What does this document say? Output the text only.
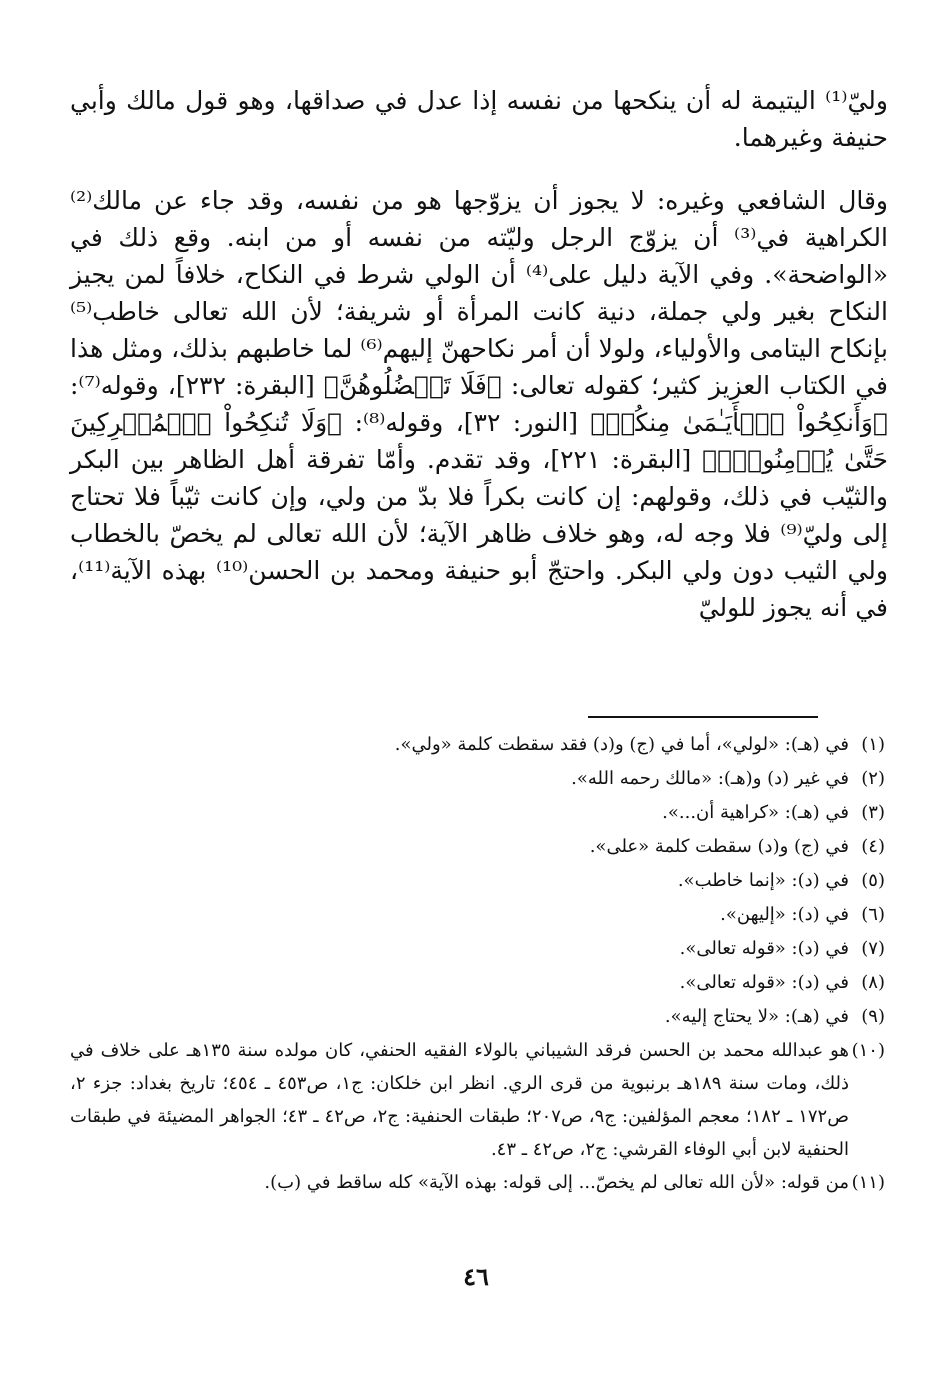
وليّ⁽¹⁾ اليتيمة له أن ينكحها من نفسه إذا عدل في صداقها، وهو قول مالك وأبي حنيفة وغيرهما.

وقال الشافعي وغيره: لا يجوز أن يزوّجها هو من نفسه، وقد جاء عن مالك⁽²⁾ الكراهية في⁽³⁾ أن يزوّج الرجل وليّته من نفسه أو من ابنه. وقع ذلك في «الواضحة». وفي الآية دليل على⁽⁴⁾ أن الولي شرط في النكاح، خلافاً لمن يجيز النكاح بغير ولي جملة، دنية كانت المرأة أو شريفة؛ لأن الله تعالى خاطب⁽⁵⁾ بإنكاح اليتامى والأولياء، ولولا أن أمر نكاحهنّ إليهم⁽⁶⁾ لما خاطبهم بذلك، ومثل هذا في الكتاب العزيز كثير؛ كقوله تعالى: ﴿فَلَا تَعۡضُلُوهُنَّ﴾ [البقرة: ٢٣٢]، وقوله⁽⁷⁾: ﴿وَأَنكِحُواْ ٱلۡأَيَـٰمَىٰ مِنكُمۡ﴾ [النور: ٣٢]، وقوله⁽⁸⁾: ﴿وَلَا تُنكِحُواْ ٱلۡمُشۡرِكِينَ حَتَّىٰ يُؤۡمِنُواْۚ﴾ [البقرة: ٢٢١]، وقد تقدم. وأمّا تفرقة أهل الظاهر بين البكر والثيّب في ذلك، وقولهم: إن كانت بكراً فلا بدّ من ولي، وإن كانت ثيّباً فلا تحتاج إلى وليّ⁽⁹⁾ فلا وجه له، وهو خلاف ظاهر الآية؛ لأن الله تعالى لم يخصّ بالخطاب ولي الثيب دون ولي البكر. واحتجّ أبو حنيفة ومحمد بن الحسن⁽¹⁰⁾ بهذه الآية⁽¹¹⁾، في أنه يجوز للوليّ

(١)
في (هـ): «لولي»، أما في (ج) و(د) فقد سقطت كلمة «ولي».
(٢)
في غير (د) و(هـ): «مالك رحمه الله».
(٣)
في (هـ): «كراهية أن...».
(٤)
في (ج) و(د) سقطت كلمة «على».
(٥)
في (د): «إنما خاطب».
(٦)
في (د): «إليهن».
(٧)
في (د): «قوله تعالى».
(٨)
في (د): «قوله تعالى».
(٩)
في (هـ): «لا يحتاج إليه».
(١٠)
هو عبدالله محمد بن الحسن فرقد الشيباني بالولاء الفقيه الحنفي، كان مولده سنة ١٣٥هـ على خلاف في ذلك، ومات سنة ١٨٩هـ برنبوية من قرى الري. انظر ابن خلكان: ج١، ص٤٥٣ ـ ٤٥٤؛ تاريخ بغداد: جزء ٢، ص١٧٢ ـ ١٨٢؛ معجم المؤلفين: ج٩، ص٢٠٧؛ طبقات الحنفية: ج٢، ص٤٢ ـ ٤٣؛ الجواهر المضيئة في طبقات الحنفية لابن أبي الوفاء القرشي: ج٢، ص٤٢ ـ ٤٣.
(١١)
من قوله: «لأن الله تعالى لم يخصّ... إلى قوله: بهذه الآية» كله ساقط في (ب).
٤٦
